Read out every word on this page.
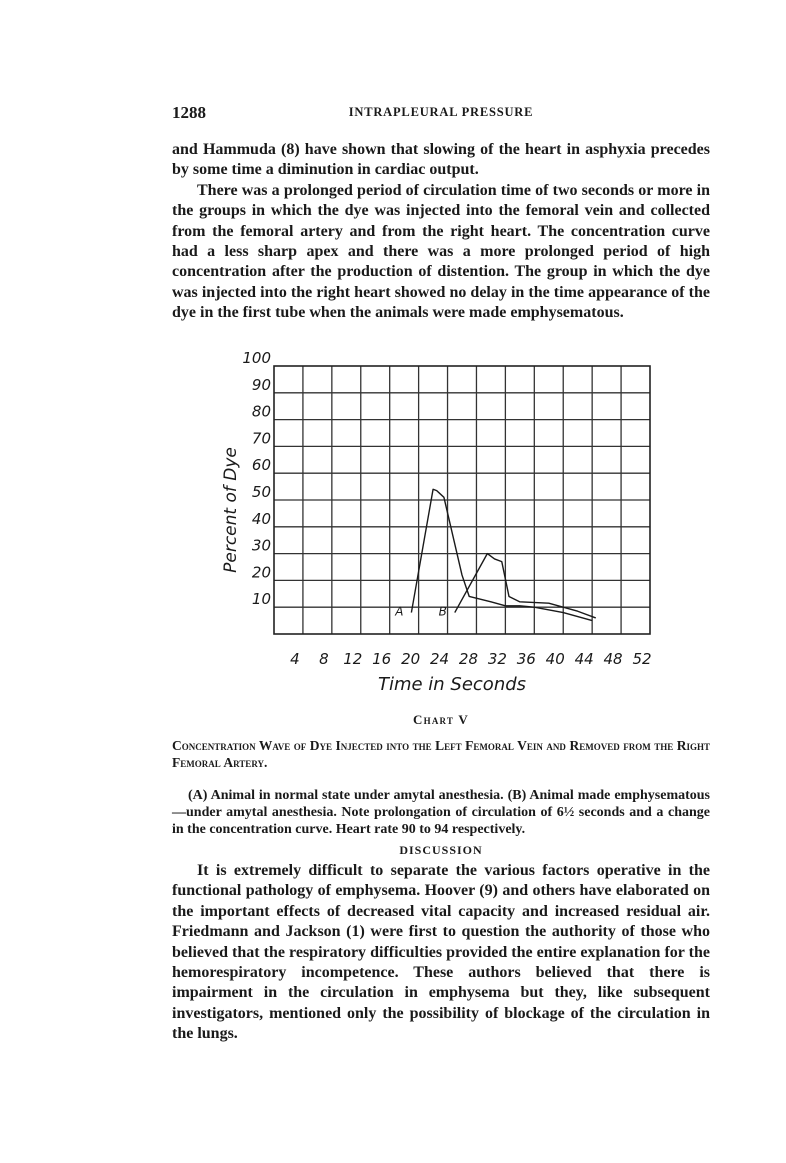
1288	INTRAPLEURAL PRESSURE

and Hammuda (8) have shown that slowing of the heart in asphyxia precedes by some time a diminution in cardiac output.

There was a prolonged period of circulation time of two seconds or more in the groups in which the dye was injected into the femoral vein and collected from the femoral artery and from the right heart. The concentration curve had a less sharp apex and there was a more prolonged period of high concentration after the production of distention. The group in which the dye was injected into the right heart showed no delay in the time appearance of the dye in the first tube when the animals were made emphysematous.

10
20
30
40
50
60
70
80
90
100
4 8 12 16 20 24 28 32 36 40 44 48 52
Time in Seconds
Percent of Dye
A	B
Chart V
Concentration Wave of Dye Injected into the Left Femoral Vein and Removed from the Right Femoral Artery.

(A) Animal in normal state under amytal anesthesia. (B) Animal made emphysematous—under amytal anesthesia. Note prolongation of circulation of 6½ seconds and a change in the concentration curve. Heart rate 90 to 94 respectively.

DISCUSSION

It is extremely difficult to separate the various factors operative in the functional pathology of emphysema. Hoover (9) and others have elaborated on the important effects of decreased vital capacity and increased residual air. Friedmann and Jackson (1) were first to question the authority of those who believed that the respiratory difficulties provided the entire explanation for the hemorespiratory incompetence. These authors believed that there is impairment in the circulation in emphysema but they, like subsequent investigators, mentioned only the possibility of blockage of the circulation in the lungs.
